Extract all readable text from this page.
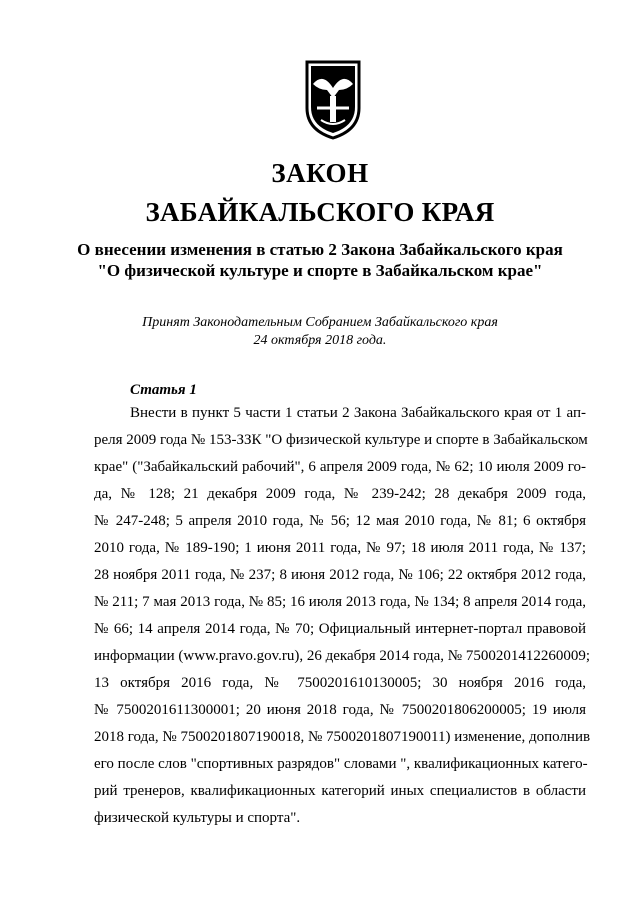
ЗАКОН
ЗАБАЙКАЛЬСКОГО КРАЯ
О внесении изменения в статью 2 Закона Забайкальского края
"О физической культуре и спорте в Забайкальском крае"
Принят Законодательным Собранием Забайкальского края
24 октября 2018 года.
Статья 1
Внести в пункт 5 части 1 статьи 2 Закона Забайкальского края от 1 ап-
реля 2009 года № 153-ЗЗК "О физической культуре и спорте в Забайкальском
крае" ("Забайкальский рабочий", 6 апреля 2009 года, № 62; 10 июля 2009 го-
да, № 128; 21 декабря 2009 года, № 239-242; 28 декабря 2009 года,
№ 247-248; 5 апреля 2010 года, № 56; 12 мая 2010 года, № 81; 6 октября
2010 года, № 189-190; 1 июня 2011 года, № 97; 18 июля 2011 года, № 137;
28 ноября 2011 года, № 237; 8 июня 2012 года, № 106; 22 октября 2012 года,
№ 211; 7 мая 2013 года, № 85; 16 июля 2013 года, № 134; 8 апреля 2014 года,
№ 66; 14 апреля 2014 года, № 70; Официальный интернет-портал правовой
информации (www.pravo.gov.ru), 26 декабря 2014 года, № 7500201412260009;
13 октября 2016 года, № 7500201610130005; 30 ноября 2016 года,
№ 7500201611300001; 20 июня 2018 года, № 7500201806200005; 19 июля
2018 года, № 7500201807190018, № 7500201807190011) изменение, дополнив
его после слов "спортивных разрядов" словами ", квалификационных катего-
рий тренеров, квалификационных категорий иных специалистов в области
физической культуры и спорта".
